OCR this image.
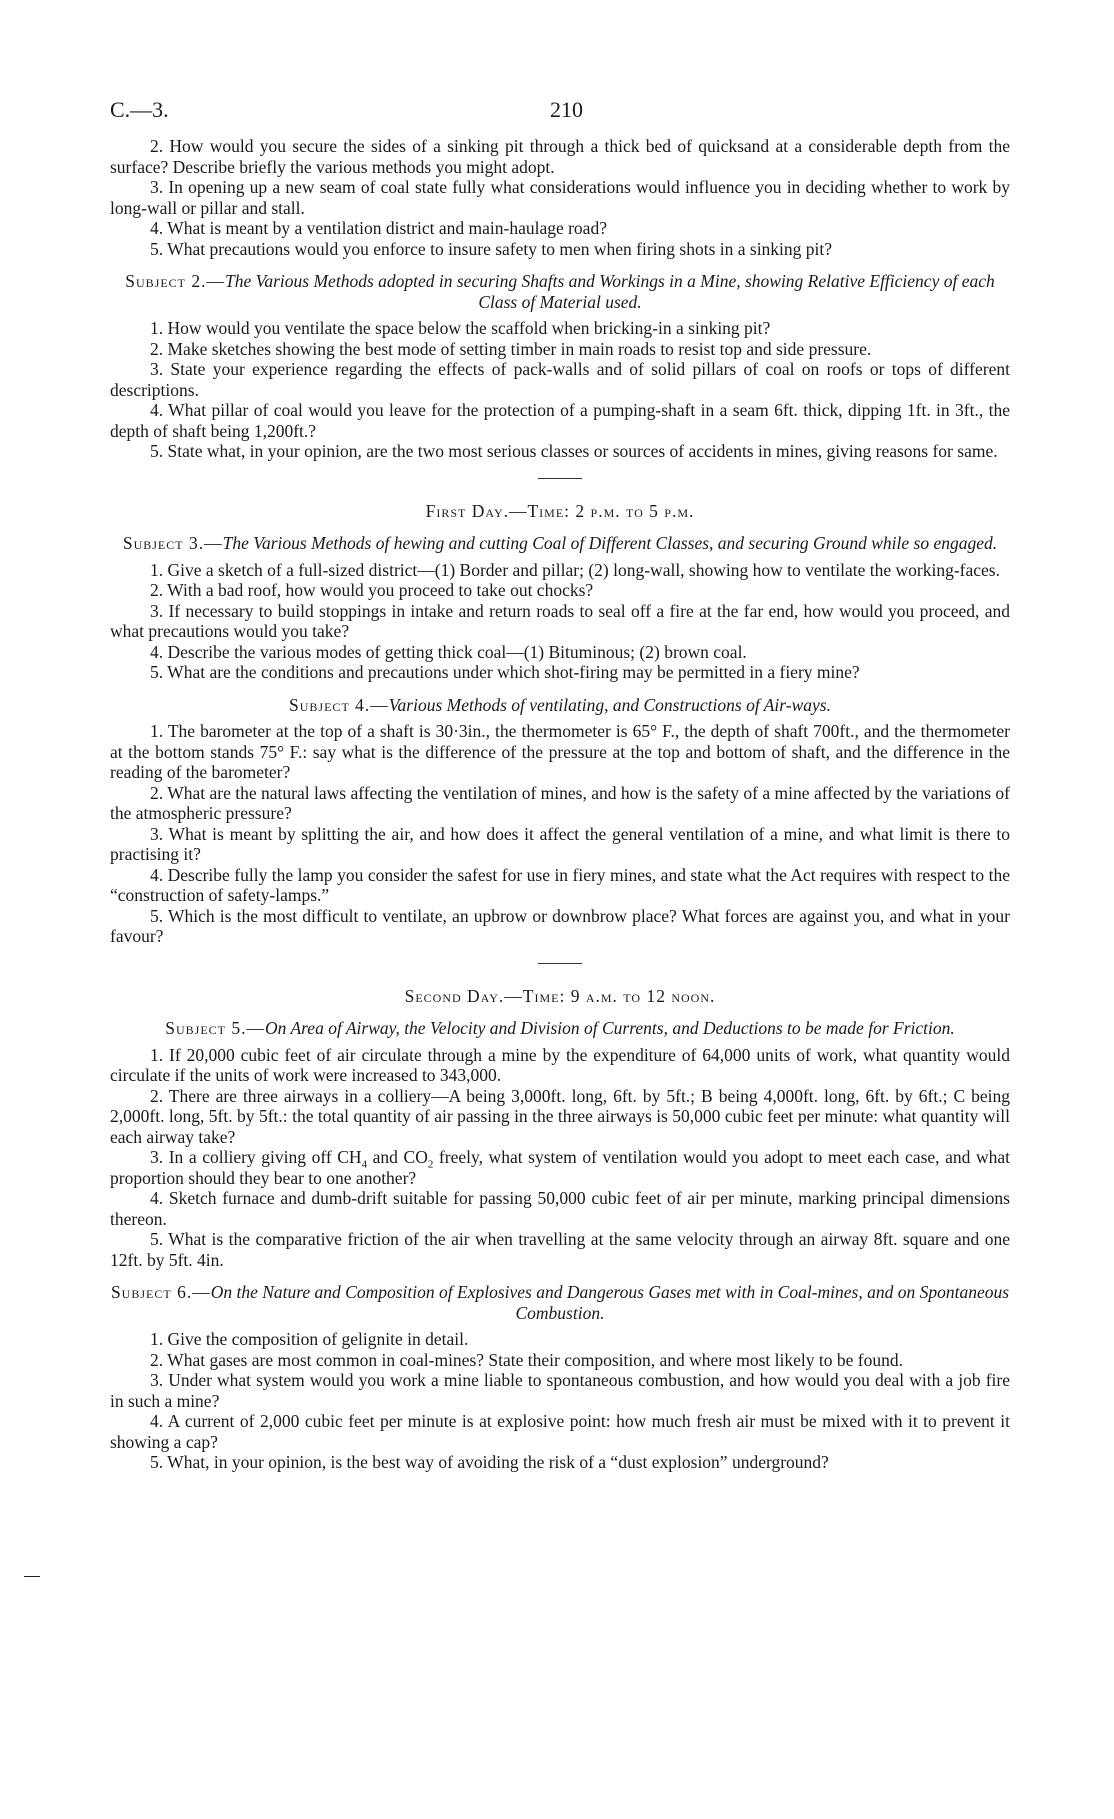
C.—3.	210

2. How would you secure the sides of a sinking pit through a thick bed of quicksand at a considerable depth from the surface? Describe briefly the various methods you might adopt.

3. In opening up a new seam of coal state fully what considerations would influence you in deciding whether to work by long-wall or pillar and stall.

4. What is meant by a ventilation district and main-haulage road?

5. What precautions would you enforce to insure safety to men when firing shots in a sinking pit?

Subject 2.—The Various Methods adopted in securing Shafts and Workings in a Mine, showing Relative Efficiency of each Class of Material used.

1. How would you ventilate the space below the scaffold when bricking-in a sinking pit?

2. Make sketches showing the best mode of setting timber in main roads to resist top and side pressure.

3. State your experience regarding the effects of pack-walls and of solid pillars of coal on roofs or tops of different descriptions.

4. What pillar of coal would you leave for the protection of a pumping-shaft in a seam 6ft. thick, dipping 1ft. in 3ft., the depth of shaft being 1,200ft.?

5. State what, in your opinion, are the two most serious classes or sources of accidents in mines, giving reasons for same.

First Day.—Time: 2 p.m. to 5 p.m.

Subject 3.—The Various Methods of hewing and cutting Coal of Different Classes, and securing Ground while so engaged.

1. Give a sketch of a full-sized district—(1) Border and pillar; (2) long-wall, showing how to ventilate the working-faces.

2. With a bad roof, how would you proceed to take out chocks?

3. If necessary to build stoppings in intake and return roads to seal off a fire at the far end, how would you proceed, and what precautions would you take?

4. Describe the various modes of getting thick coal—(1) Bituminous; (2) brown coal.

5. What are the conditions and precautions under which shot-firing may be permitted in a fiery mine?

Subject 4.—Various Methods of ventilating, and Constructions of Air-ways.

1. The barometer at the top of a shaft is 30·3in., the thermometer is 65° F., the depth of shaft 700ft., and the thermometer at the bottom stands 75° F.: say what is the difference of the pressure at the top and bottom of shaft, and the difference in the reading of the barometer?

2. What are the natural laws affecting the ventilation of mines, and how is the safety of a mine affected by the variations of the atmospheric pressure?

3. What is meant by splitting the air, and how does it affect the general ventilation of a mine, and what limit is there to practising it?

4. Describe fully the lamp you consider the safest for use in fiery mines, and state what the Act requires with respect to the “construction of safety-lamps.”

5. Which is the most difficult to ventilate, an upbrow or downbrow place? What forces are against you, and what in your favour?

Second Day.—Time: 9 a.m. to 12 noon.

Subject 5.—On Area of Airway, the Velocity and Division of Currents, and Deductions to be made for Friction.

1. If 20,000 cubic feet of air circulate through a mine by the expenditure of 64,000 units of work, what quantity would circulate if the units of work were increased to 343,000.

2. There are three airways in a colliery—A being 3,000ft. long, 6ft. by 5ft.; B being 4,000ft. long, 6ft. by 6ft.; C being 2,000ft. long, 5ft. by 5ft.: the total quantity of air passing in the three airways is 50,000 cubic feet per minute: what quantity will each airway take?

3. In a colliery giving off $CH_4$ and $CO_2$ freely, what system of ventilation would you adopt to meet each case, and what proportion should they bear to one another?

4. Sketch furnace and dumb-drift suitable for passing 50,000 cubic feet of air per minute, marking principal dimensions thereon.

5. What is the comparative friction of the air when travelling at the same velocity through an airway 8ft. square and one 12ft. by 5ft. 4in.

Subject 6.—On the Nature and Composition of Explosives and Dangerous Gases met with in Coal-mines, and on Spontaneous Combustion.

1. Give the composition of gelignite in detail.

2. What gases are most common in coal-mines? State their composition, and where most likely to be found.

3. Under what system would you work a mine liable to spontaneous combustion, and how would you deal with a job fire in such a mine?

4. A current of 2,000 cubic feet per minute is at explosive point: how much fresh air must be mixed with it to prevent it showing a cap?

5. What, in your opinion, is the best way of avoiding the risk of a “dust explosion” underground?
